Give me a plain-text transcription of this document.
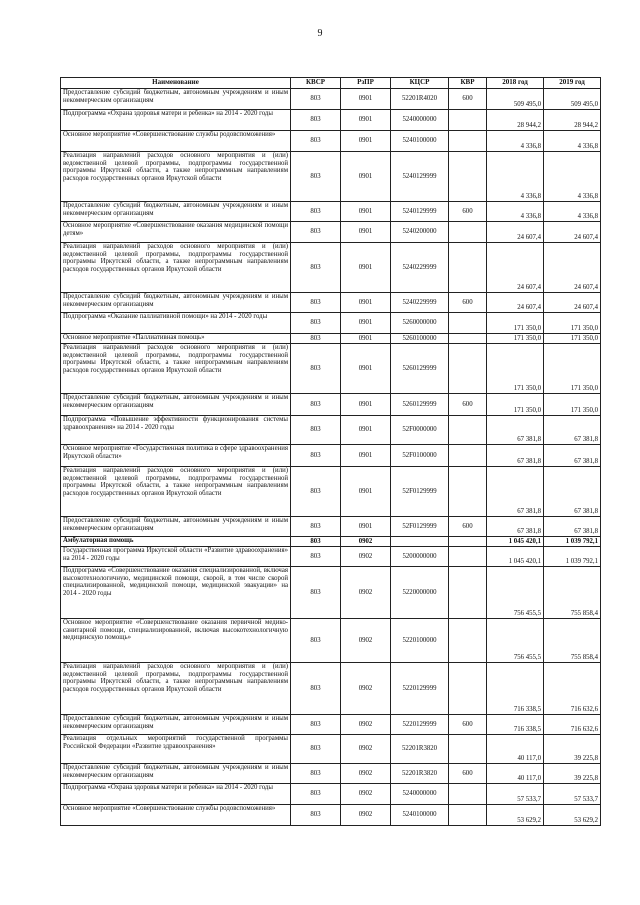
9
Наименование	КВСР	РзПР	КЦСР	КВР	2018 год	2019 год
Предоставление субсидий бюджетным, автономным учреждениям и иным некоммерческим организациям	803	0901	52201R4020	600	509 495,0	509 495,0
Подпрограмма «Охрана здоровья матери и ребенка» на 2014 - 2020 годы	803	0901	5240000000		28 944,2	28 944,2
Основное мероприятие «Совершенствование службы родовспоможения»	803	0901	5240100000		4 336,8	4 336,8
Реализация направлений расходов основного мероприятия и (или) ведомственной целевой программы, подпрограммы государственной программы Иркутской области, а также непрограммным направлениям расходов государственных органов Иркутской области	803	0901	5240129999		4 336,8	4 336,8
Предоставление субсидий бюджетным, автономным учреждениям и иным некоммерческим организациям	803	0901	5240129999	600	4 336,8	4 336,8
Основное мероприятие «Совершенствование оказания медицинской помощи детям»	803	0901	5240200000		24 607,4	24 607,4
Реализация направлений расходов основного мероприятия и (или) ведомственной целевой программы, подпрограммы государственной программы Иркутской области, а также непрограммным направлениям расходов государственных органов Иркутской области	803	0901	5240229999		24 607,4	24 607,4
Предоставление субсидий бюджетным, автономным учреждениям и иным некоммерческим организациям	803	0901	5240229999	600	24 607,4	24 607,4
Подпрограмма «Оказание паллиативной помощи» на 2014 - 2020 годы	803	0901	5260000000		171 350,0	171 350,0
Основное мероприятие «Паллиативная помощь»	803	0901	5260100000		171 350,0	171 350,0
Реализация направлений расходов основного мероприятия и (или) ведомственной целевой программы, подпрограммы государственной программы Иркутской области, а также непрограммным направлениям расходов государственных органов Иркутской области	803	0901	5260129999		171 350,0	171 350,0
Предоставление субсидий бюджетным, автономным учреждениям и иным некоммерческим организациям	803	0901	5260129999	600	171 350,0	171 350,0
Подпрограмма «Повышение эффективности функционирования системы здравоохранения» на 2014 - 2020 годы	803	0901	52F0000000		67 381,8	67 381,8
Основное мероприятие «Государственная политика в сфере здравоохранения Иркутской области»	803	0901	52F0100000		67 381,8	67 381,8
Реализация направлений расходов основного мероприятия и (или) ведомственной целевой программы, подпрограммы государственной программы Иркутской области, а также непрограммным направлениям расходов государственных органов Иркутской области	803	0901	52F0129999		67 381,8	67 381,8
Предоставление субсидий бюджетным, автономным учреждениям и иным некоммерческим организациям	803	0901	52F0129999	600	67 381,8	67 381,8
Амбулаторная помощь	803	0902			1 045 420,1	1 039 792,1
Государственная программа Иркутской области «Развитие здравоохранения» на 2014 - 2020 годы	803	0902	5200000000		1 045 420,1	1 039 792,1
Подпрограмма «Совершенствование оказания специализированной, включая высокотехнологичную, медицинской помощи, скорой, в том числе скорой специализированной, медицинской помощи, медицинской эвакуации» на 2014 - 2020 годы	803	0902	5220000000		756 455,5	755 858,4
Основное мероприятие «Совершенствование оказания первичной медико-санитарной помощи, специализированной, включая высокотехнологичную медицинскую помощь»	803	0902	5220100000		756 455,5	755 858,4
Реализация направлений расходов основного мероприятия и (или) ведомственной целевой программы, подпрограммы государственной программы Иркутской области, а также непрограммным направлениям расходов государственных органов Иркутской области	803	0902	5220129999		716 338,5	716 632,6
Предоставление субсидий бюджетным, автономным учреждениям и иным некоммерческим организациям	803	0902	5220129999	600	716 338,5	716 632,6
Реализация отдельных мероприятий государственной программы Российской Федерации «Развитие здравоохранения»	803	0902	52201R3820		40 117,0	39 225,8
Предоставление субсидий бюджетным, автономным учреждениям и иным некоммерческим организациям	803	0902	52201R3820	600	40 117,0	39 225,8
Подпрограмма «Охрана здоровья матери и ребенка» на 2014 - 2020 годы	803	0902	5240000000		57 533,7	57 533,7
Основное мероприятие «Совершенствование службы родовспоможения»	803	0902	5240100000		53 629,2	53 629,2
